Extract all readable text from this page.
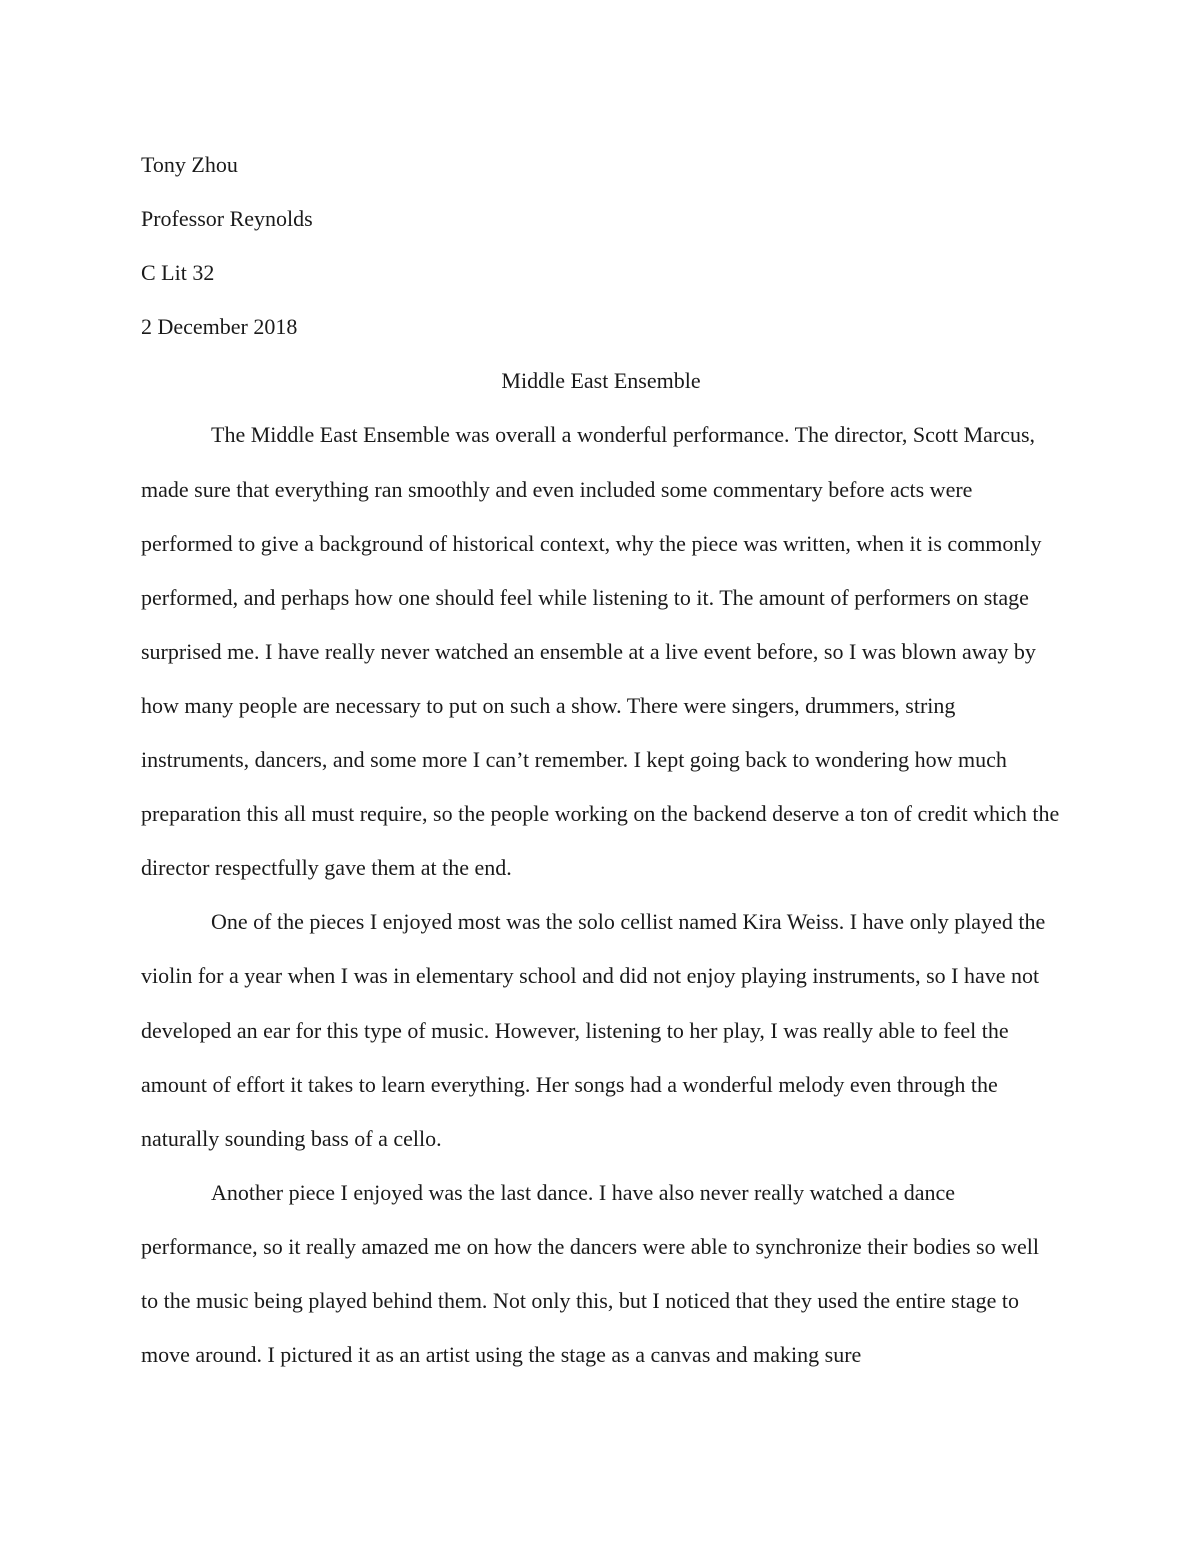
Tony Zhou

Professor Reynolds

C Lit 32

2 December 2018

Middle East Ensemble

The Middle East Ensemble was overall a wonderful performance. The director, Scott Marcus, made sure that everything ran smoothly and even included some commentary before acts were performed to give a background of historical context, why the piece was written, when it is commonly performed, and perhaps how one should feel while listening to it. The amount of performers on stage surprised me. I have really never watched an ensemble at a live event before, so I was blown away by how many people are necessary to put on such a show. There were singers, drummers, string instruments, dancers, and some more I can’t remember. I kept going back to wondering how much preparation this all must require, so the people working on the backend deserve a ton of credit which the director respectfully gave them at the end.

One of the pieces I enjoyed most was the solo cellist named Kira Weiss. I have only played the violin for a year when I was in elementary school and did not enjoy playing instruments, so I have not developed an ear for this type of music. However, listening to her play, I was really able to feel the amount of effort it takes to learn everything. Her songs had a wonderful melody even through the naturally sounding bass of a cello.

Another piece I enjoyed was the last dance. I have also never really watched a dance performance, so it really amazed me on how the dancers were able to synchronize their bodies so well to the music being played behind them. Not only this, but I noticed that they used the entire stage to move around. I pictured it as an artist using the stage as a canvas and making sure
